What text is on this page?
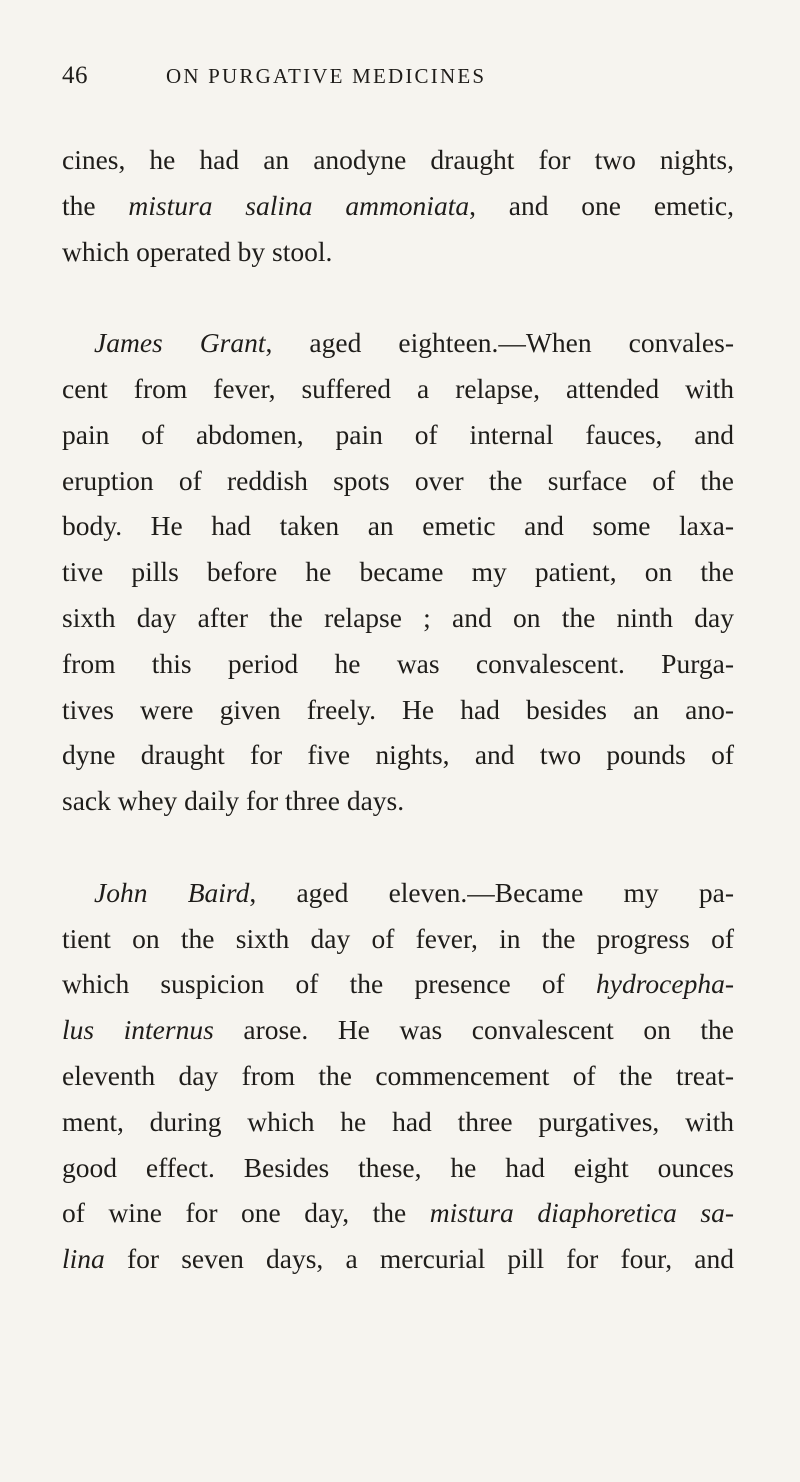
46	ON PURGATIVE MEDICINES

cines, he had an anodyne draught for two nights,
the mistura salina ammoniata, and one emetic,
which operated by stool.

James Grant, aged eighteen.—When convales-
cent from fever, suffered a relapse, attended with
pain of abdomen, pain of internal fauces, and
eruption of reddish spots over the surface of the
body. He had taken an emetic and some laxa-
tive pills before he became my patient, on the
sixth day after the relapse ; and on the ninth day
from this period he was convalescent. Purga-
tives were given freely. He had besides an ano-
dyne draught for five nights, and two pounds of
sack whey daily for three days.

John Baird, aged eleven.—Became my pa-
tient on the sixth day of fever, in the progress of
which suspicion of the presence of hydrocepha-
lus internus arose. He was convalescent on the
eleventh day from the commencement of the treat-
ment, during which he had three purgatives, with
good effect. Besides these, he had eight ounces
of wine for one day, the mistura diaphoretica sa-
lina for seven days, a mercurial pill for four, and
